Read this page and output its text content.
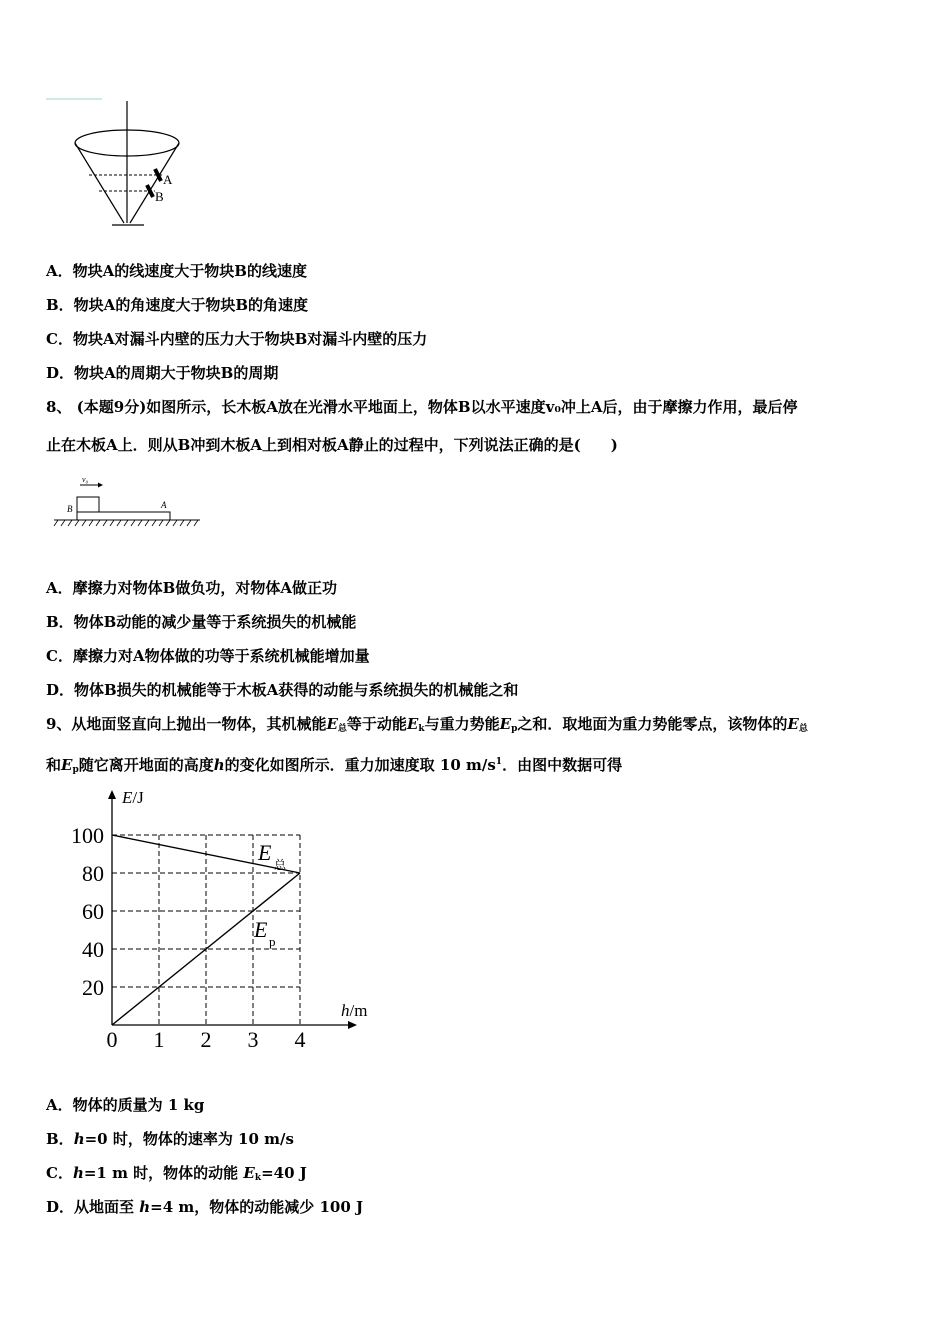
A
B
A．物块A的线速度大于物块B的线速度
B．物块A的角速度大于物块B的角速度
C．物块A对漏斗内壁的压力大于物块B对漏斗内壁的压力
D．物块A的周期大于物块B的周期
8、 (本题9分)如图所示，长木板A放在光滑水平地面上，物体B以水平速度v₀冲上A后，由于摩擦力作用，最后停
止在木板A上．则从B冲到木板A上到相对板A静止的过程中，下列说法正确的是(　　)
v₀
B	A
A．摩擦力对物体B做负功，对物体A做正功
B．物体B动能的减少量等于系统损失的机械能
C．摩擦力对A物体做的功等于系统机械能增加量
D．物体B损失的机械能等于木板A获得的动能与系统损失的机械能之和
9、从地面竖直向上抛出一物体，其机械能$E_总$等于动能$E_k$与重力势能$E_p$之和．取地面为重力势能零点，该物体的$E_总$
和$E_p$随它离开地面的高度h的变化如图所示．重力加速度取 10 $m/s^1$．由图中数据可得
E/J
h/m
0 1 2 3 4
20
40
60
80
100
E 总
E p
A．物体的质量为 1 kg
B．h=0 时，物体的速率为 10 m/s
C．h=1 m 时，物体的动能 $E_k=40$ J
D．从地面至 h=4 m，物体的动能减少 100 J
